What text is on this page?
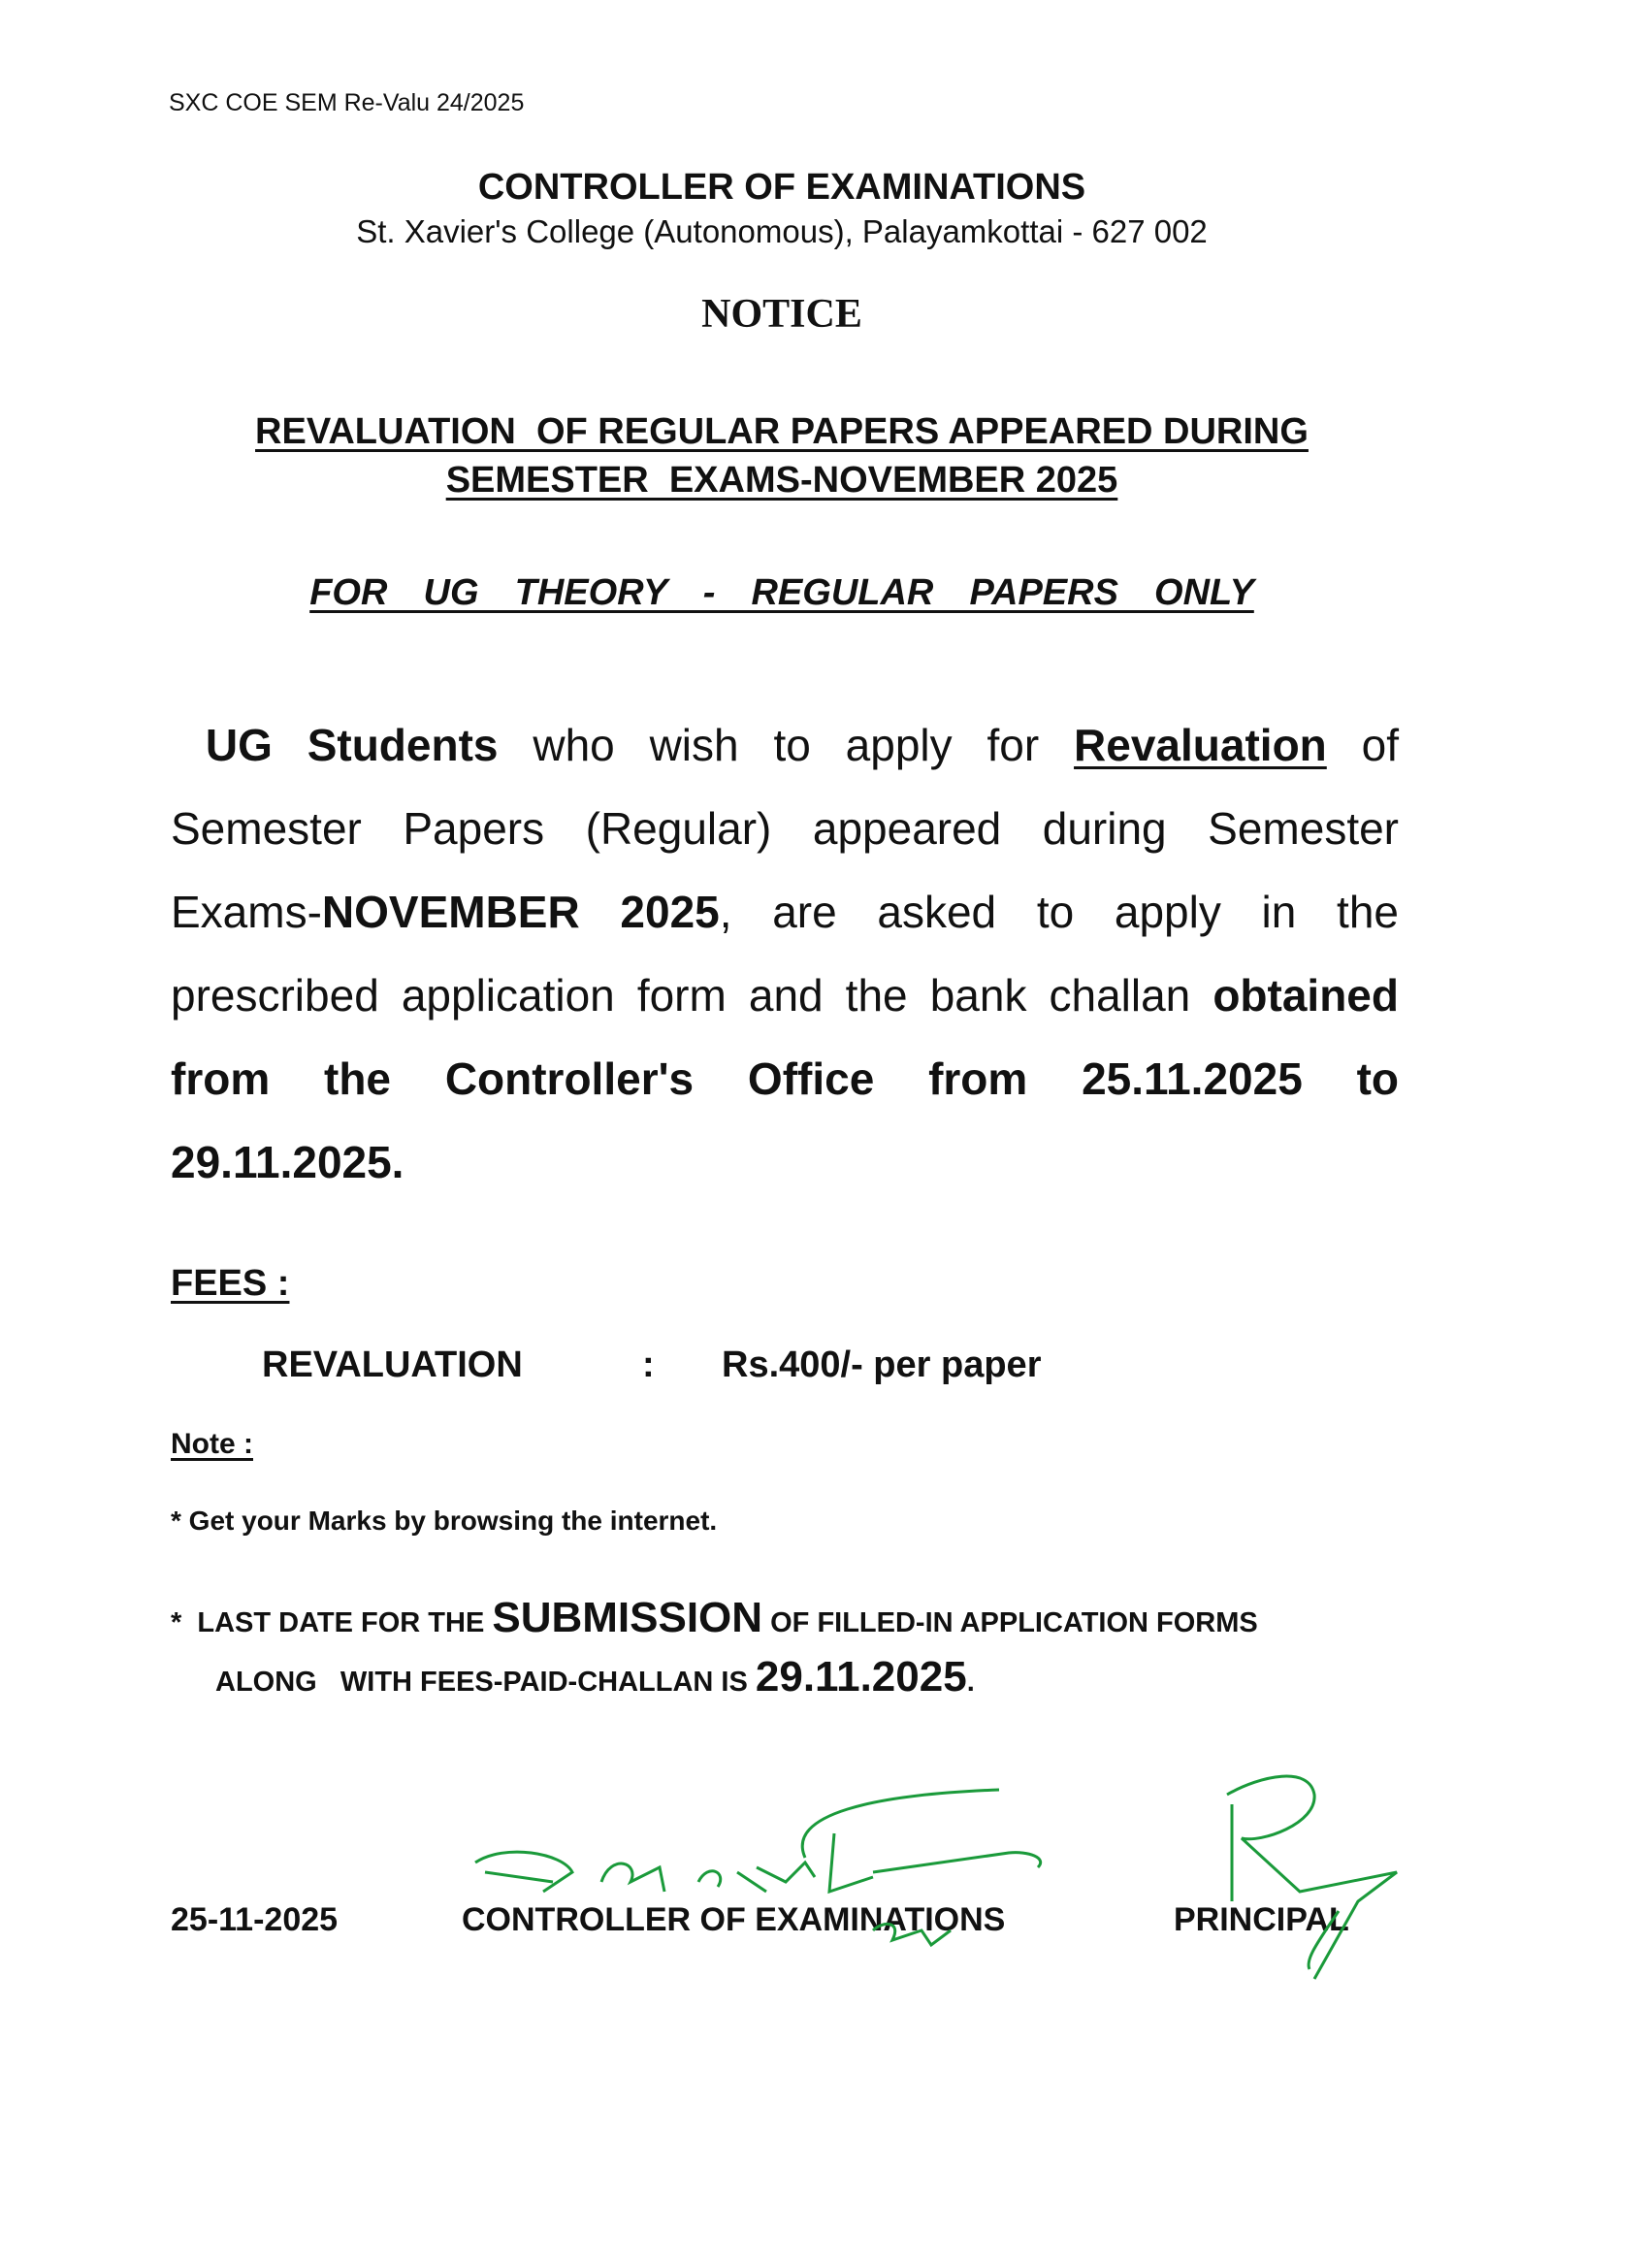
SXC COE SEM Re-Valu 24/2025
CONTROLLER OF EXAMINATIONS
St. Xavier's College (Autonomous), Palayamkottai - 627 002
NOTICE
REVALUATION  OF REGULAR PAPERS APPEARED DURING
SEMESTER  EXAMS-NOVEMBER 2025
FOR  UG  THEORY  -  REGULAR  PAPERS  ONLY
UG Students who wish to apply for Revaluation of Semester Papers (Regular) appeared during Semester Exams-NOVEMBER 2025, are asked to apply in the prescribed application form and the bank challan obtained from the Controller's Office from 25.11.2025 to 29.11.2025.
FEES :
REVALUATION	: Rs.400/- per paper
Note :
* Get your Marks by browsing the internet.
*  LAST DATE FOR THE SUBMISSION OF FILLED-IN APPLICATION FORMS
ALONG   WITH FEES-PAID-CHALLAN IS 29.11.2025.
25-11-2025	CONTROLLER OF EXAMINATIONS	PRINCIPAL
